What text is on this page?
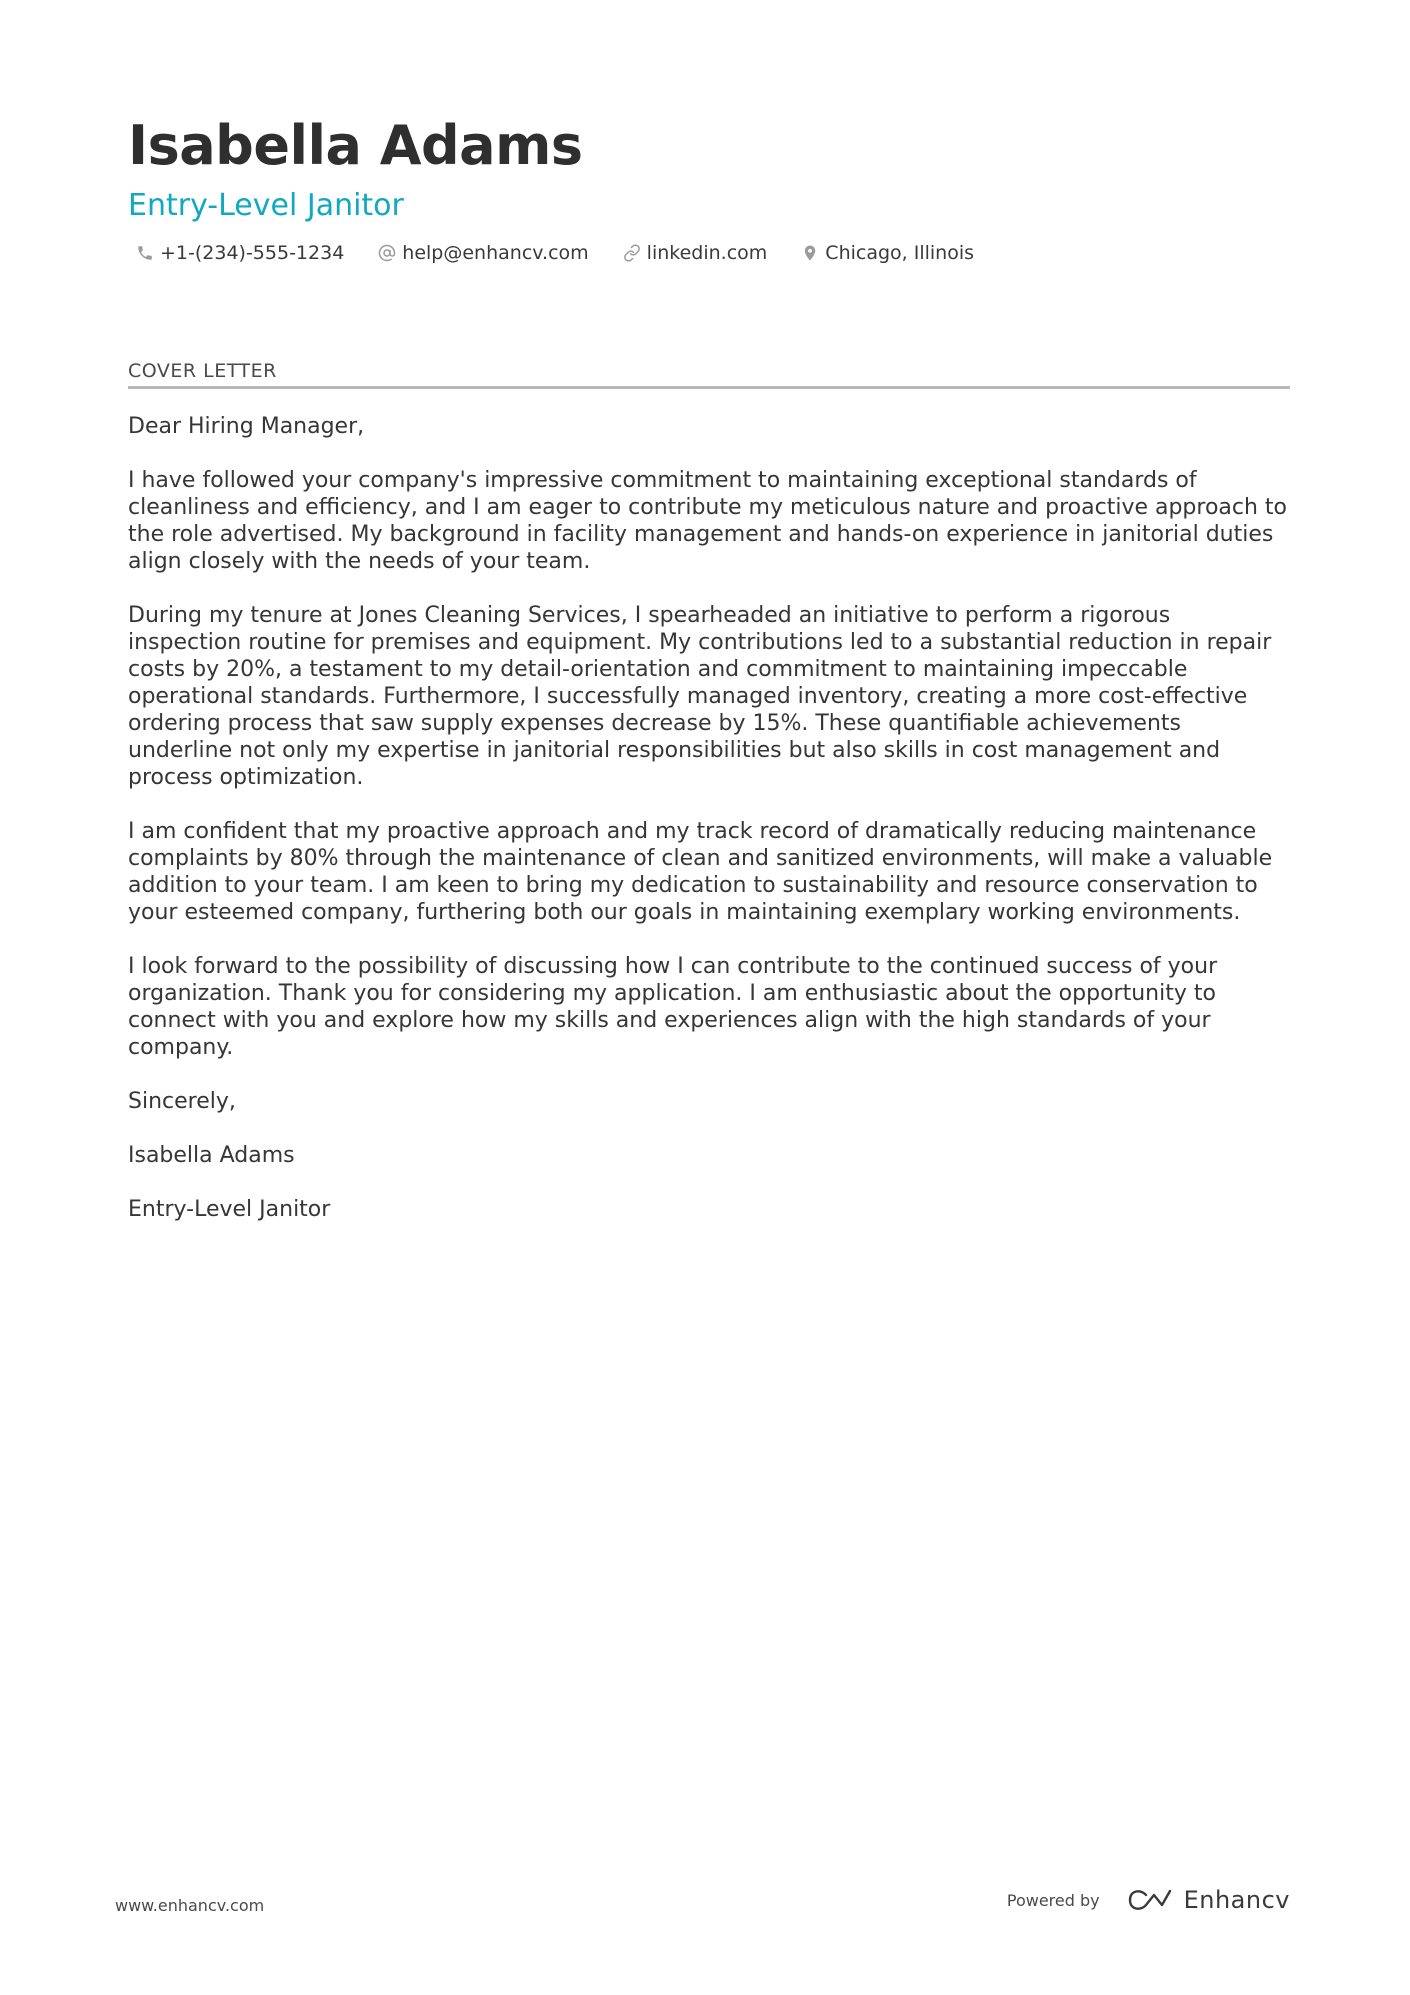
Isabella Adams
Entry-Level Janitor
+1-(234)-555-1234	help@enhancv.com	linkedin.com	Chicago, Illinois
COVER LETTER

Dear Hiring Manager,

I have followed your company's impressive commitment to maintaining exceptional standards of cleanliness and efficiency, and I am eager to contribute my meticulous nature and proactive approach to the role advertised. My background in facility management and hands-on experience in janitorial duties align closely with the needs of your team.

During my tenure at Jones Cleaning Services, I spearheaded an initiative to perform a rigorous inspection routine for premises and equipment. My contributions led to a substantial reduction in repair costs by 20%, a testament to my detail-orientation and commitment to maintaining impeccable operational standards. Furthermore, I successfully managed inventory, creating a more cost-effective ordering process that saw supply expenses decrease by 15%. These quantifiable achievements underline not only my expertise in janitorial responsibilities but also skills in cost management and process optimization.

I am confident that my proactive approach and my track record of dramatically reducing maintenance complaints by 80% through the maintenance of clean and sanitized environments, will make a valuable addition to your team. I am keen to bring my dedication to sustainability and resource conservation to your esteemed company, furthering both our goals in maintaining exemplary working environments.

I look forward to the possibility of discussing how I can contribute to the continued success of your organization. Thank you for considering my application. I am enthusiastic about the opportunity to connect with you and explore how my skills and experiences align with the high standards of your company.

Sincerely,

Isabella Adams

Entry-Level Janitor

www.enhancv.com	Powered by	Enhancv
